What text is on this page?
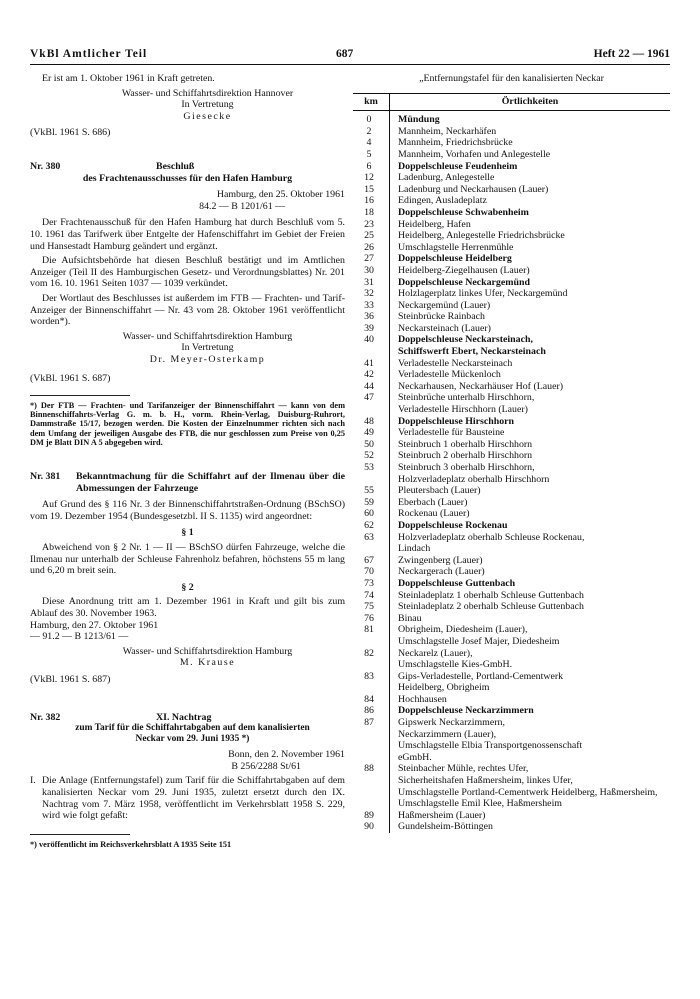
VkBl Amtlicher Teil	687	Heft 22 — 1961

Er ist am 1. Oktober 1961 in Kraft getreten.

Wasser- und Schiffahrtsdirektion Hannover

In Vertretung

Giesecke

(VkBl. 1961 S. 686)

Nr. 380	Beschluß

des Frachtenausschusses für den Hafen Hamburg

Hamburg, den 25. Oktober 1961

84.2 — B 1201/61 —

Der Frachtenausschuß für den Hafen Hamburg hat durch Beschluß vom 5. 10. 1961 das Tarifwerk über Entgelte der Hafenschiffahrt im Gebiet der Freien und Hansestadt Hamburg geändert und ergänzt.

Die Aufsichtsbehörde hat diesen Beschluß bestätigt und im Amtlichen Anzeiger (Teil II des Hamburgischen Gesetz- und Verordnungsblattes) Nr. 201 vom 16. 10. 1961 Seiten 1037 — 1039 verkündet.

Der Wortlaut des Beschlusses ist außerdem im FTB — Frachten- und Tarif-Anzeiger der Binnenschiffahrt — Nr. 43 vom 28. Oktober 1961 veröffentlicht worden*).

Wasser- und Schiffahrtsdirektion Hamburg

In Vertretung

Dr. Meyer-Osterkamp

(VkBl. 1961 S. 687)

*) Der FTB — Frachten- und Tarifanzeiger der Binnenschiffahrt — kann von dem Binnenschiffahrts-Verlag G. m. b. H., vorm. Rhein-Verlag, Duisburg-Ruhrort, Dammstraße 15/17, bezogen werden. Die Kosten der Einzelnummer richten sich nach dem Umfang der jeweiligen Ausgabe des FTB, die nur geschlossen zum Preise von 0,25 DM je Blatt DIN A 5 abgegeben wird.

Nr. 381	Bekanntmachung für die Schiffahrt auf der Ilmenau über die Abmessungen der Fahrzeuge

Auf Grund des § 116 Nr. 3 der Binnenschiffahrtstraßen-Ordnung (BSchSO) vom 19. Dezember 1954 (Bundesgesetzbl. II S. 1135) wird angeordnet:

§ 1

Abweichend von § 2 Nr. 1 — II — BSchSO dürfen Fahrzeuge, welche die Ilmenau nur unterhalb der Schleuse Fahrenholz befahren, höchstens 55 m lang und 6,20 m breit sein.

§ 2

Diese Anordnung tritt am 1. Dezember 1961 in Kraft und gilt bis zum Ablauf des 30. November 1963.

Hamburg, den 27. Oktober 1961

— 91.2 — B 1213/61 —

Wasser- und Schiffahrtsdirektion Hamburg

M. Krause

(VkBl. 1961 S. 687)

Nr. 382	XI. Nachtrag

zum Tarif für die Schiffahrtabgaben auf dem kanalisierten Neckar vom 29. Juni 1935 *)

Bonn, den 2. November 1961

B 256/2288 St/61

I. Die Anlage (Entfernungstafel) zum Tarif für die Schiffahrtabgaben auf dem kanalisierten Neckar vom 29. Juni 1935, zuletzt ersetzt durch den IX. Nachtrag vom 7. März 1958, veröffentlicht im Verkehrsblatt 1958 S. 229, wird wie folgt gefaßt:

*) veröffentlicht im Reichsverkehrsblatt A 1935 Seite 151

„Entfernungstafel für den kanalisierten Neckar

km	Örtlichkeiten
0	Mündung

2	Mannheim, Neckarhäfen

4	Mannheim, Friedrichsbrücke

5	Mannheim, Vorhafen und Anlegestelle

6	Doppelschleuse Feudenheim

12	Ladenburg, Anlegestelle

15	Ladenburg und Neckarhausen (Lauer)

16	Edingen, Ausladeplatz

18	Doppelschleuse Schwabenheim

23	Heidelberg, Hafen

25	Heidelberg, Anlegestelle Friedrichsbrücke

26	Umschlagstelle Herrenmühle

27	Doppelschleuse Heidelberg

30	Heidelberg-Ziegelhausen (Lauer)

31	Doppelschleuse Neckargemünd

32	Holzlagerplatz linkes Ufer, Neckargemünd

33	Neckargemünd (Lauer)

36	Steinbrücke Rainbach

39	Neckarsteinach (Lauer)

40	Doppelschleuse Neckarsteinach,
Schiffswerft Ebert, Neckarsteinach

41	Verladestelle Neckarsteinach

42	Verladestelle Mückenloch

44	Neckarhausen, Neckarhäuser Hof (Lauer)

47	Steinbrüche unterhalb Hirschhorn,
Verladestelle Hirschhorn (Lauer)

48	Doppelschleuse Hirschhorn

49	Verladestelle für Bausteine

50	Steinbruch 1 oberhalb Hirschhorn

52	Steinbruch 2 oberhalb Hirschhorn

53	Steinbruch 3 oberhalb Hirschhorn,
Holzverladeplatz oberhalb Hirschhorn

55	Pleutersbach (Lauer)

59	Eberbach (Lauer)

60	Rockenau (Lauer)

62	Doppelschleuse Rockenau

63	Holzverladeplatz oberhalb Schleuse Rockenau,
Lindach

67	Zwingenberg (Lauer)

70	Neckargerach (Lauer)

73	Doppelschleuse Guttenbach

74	Steinladeplatz 1 oberhalb Schleuse Guttenbach

75	Steinladeplatz 2 oberhalb Schleuse Guttenbach

76	Binau

81	Obrigheim, Diedesheim (Lauer),
Umschlagstelle Josef Majer, Diedesheim

82	Neckarelz (Lauer),
Umschlagstelle Kies-GmbH.

83	Gips-Verladestelle, Portland-Cementwerk
Heidelberg, Obrigheim

84	Hochhausen

86	Doppelschleuse Neckarzimmern

87	Gipswerk Neckarzimmern,
Neckarzimmern (Lauer),
Umschlagstelle Elbia Transportgenossenschaft
eGmbH.

88	Steinbacher Mühle, rechtes Ufer,
Sicherheitshafen Haßmersheim, linkes Ufer,
Umschlagstelle Portland-Cementwerk Heidelberg, Haßmersheim,
Umschlagstelle Emil Klee, Haßmersheim

89	Haßmersheim (Lauer)

90	Gundelsheim-Böttingen
